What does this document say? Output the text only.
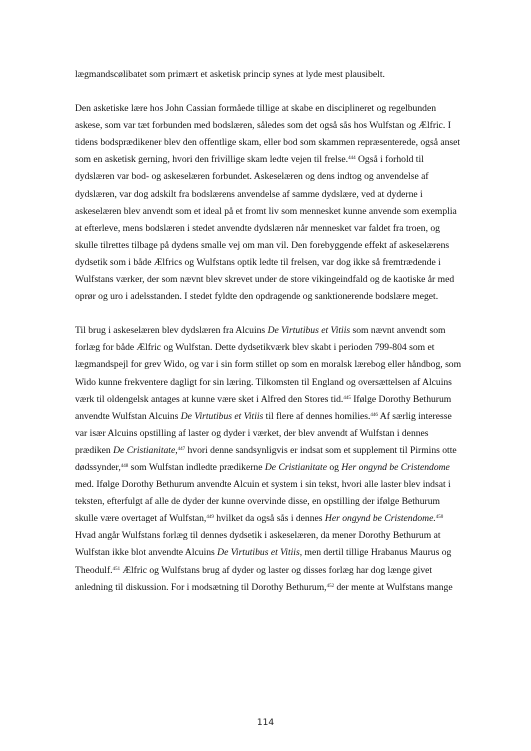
lægmandscølibatet som primært et asketisk princip synes at lyde mest plausibelt.

Den asketiske lære hos John Cassian formåede tillige at skabe en disciplineret og regelbunden askese, som var tæt forbunden med bodslæren, således som det også sås hos Wulfstan og Ælfric. I tidens bodsprædikener blev den offentlige skam, eller bod som skammen repræsenterede, også anset som en asketisk gerning, hvori den frivillige skam ledte vejen til frelse.$^{444}$ Også i forhold til dydslæren var bod- og askeselæren forbundet. Askeselæren og dens indtog og anvendelse af dydslæren, var dog adskilt fra bodslærens anvendelse af samme dydslære, ved at dyderne i askeselæren blev anvendt som et ideal på et fromt liv som mennesket kunne anvende som exemplia at efterleve, mens bodslæren i stedet anvendte dydslæren når mennesket var faldet fra troen, og skulle tilrettes tilbage på dydens smalle vej om man vil. Den forebyggende effekt af askeselærens dydsetik som i både Ælfrics og Wulfstans optik ledte til frelsen, var dog ikke så fremtrædende i Wulfstans værker, der som nævnt blev skrevet under de store vikingeindfald og de kaotiske år med oprør og uro i adelsstanden. I stedet fyldte den opdragende og sanktionerende bodslære meget.

Til brug i askeselæren blev dydslæren fra Alcuins De Virtutibus et Vitiis som nævnt anvendt som forlæg for både Ælfric og Wulfstan. Dette dydsetikværk blev skabt i perioden 799-804 som et lægmandspejl for grev Wido, og var i sin form stillet op som en moralsk lærebog eller håndbog, som Wido kunne frekventere dagligt for sin læring. Tilkomsten til England og oversættelsen af Alcuins værk til oldengelsk antages at kunne være sket i Alfred den Stores tid.$^{445}$ Ifølge Dorothy Bethurum anvendte Wulfstan Alcuins De Virtutibus et Vitiis til flere af dennes homilies.$^{446}$ Af særlig interesse var især Alcuins opstilling af laster og dyder i værket, der blev anvendt af Wulfstan i dennes prædiken De Cristianitate,$^{447}$ hvori denne sandsynligvis er indsat som et supplement til Pirmins otte dødssynder,$^{448}$ som Wulfstan indledte prædikerne De Cristianitate og Her ongynd be Cristendome med. Ifølge Dorothy Bethurum anvendte Alcuin et system i sin tekst, hvori alle laster blev indsat i teksten, efterfulgt af alle de dyder der kunne overvinde disse, en opstilling der ifølge Bethurum skulle være overtaget af Wulfstan,$^{449}$ hvilket da også sås i dennes Her ongynd be Cristendome.$^{450}$ Hvad angår Wulfstans forlæg til dennes dydsetik i askeselæren, da mener Dorothy Bethurum at Wulfstan ikke blot anvendte Alcuins De Virtutibus et Vitiis, men dertil tillige Hrabanus Maurus og Theodulf.$^{451}$ Ælfric og Wulfstans brug af dyder og laster og disses forlæg har dog længe givet anledning til diskussion. For i modsætning til Dorothy Bethurum,$^{452}$ der mente at Wulfstans mange

114
